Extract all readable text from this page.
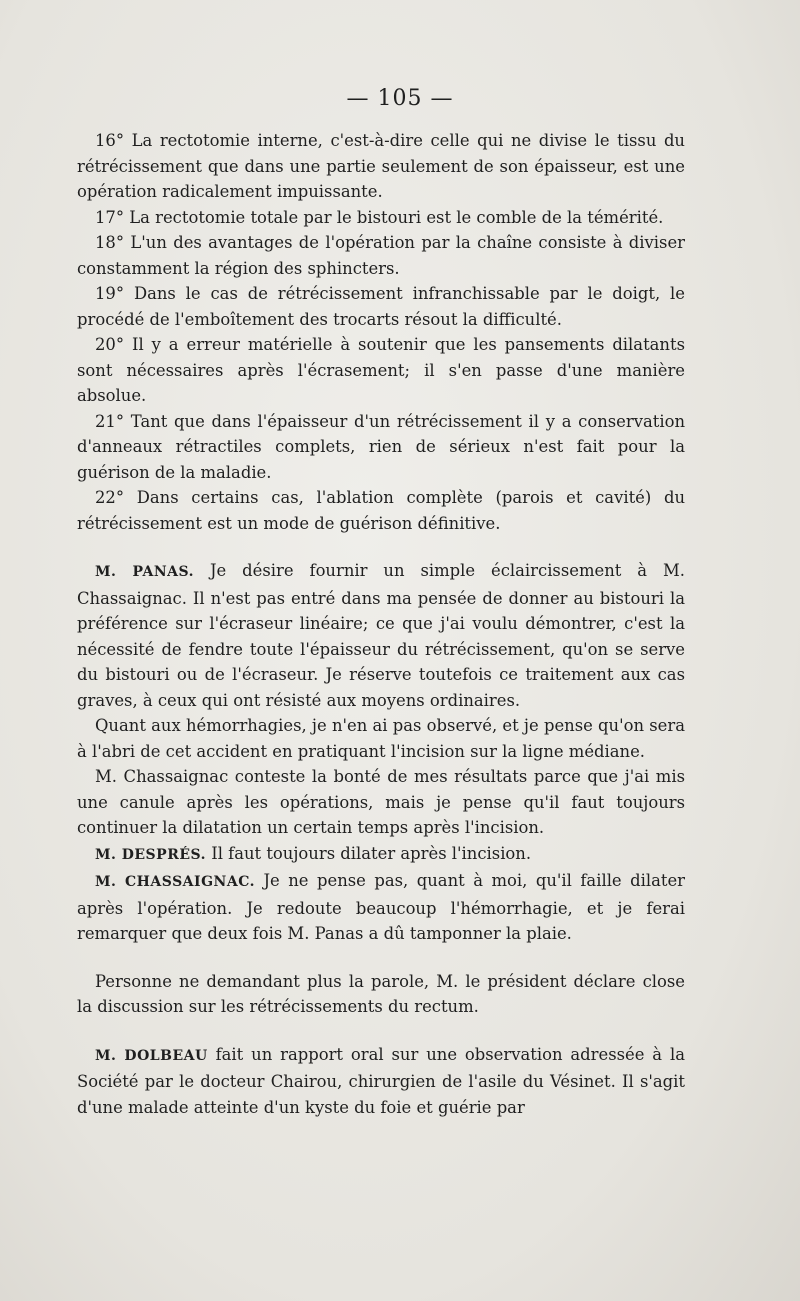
— 105 —

16° La rectotomie interne, c'est-à-dire celle qui ne divise le tissu du rétrécissement que dans une partie seulement de son épaisseur, est une opération radicalement impuissante.

17° La rectotomie totale par le bistouri est le comble de la témérité.

18° L'un des avantages de l'opération par la chaîne consiste à diviser constamment la région des sphincters.

19° Dans le cas de rétrécissement infranchissable par le doigt, le procédé de l'emboîtement des trocarts résout la difficulté.

20° Il y a erreur matérielle à soutenir que les pansements dilatants sont nécessaires après l'écrasement; il s'en passe d'une manière absolue.

21° Tant que dans l'épaisseur d'un rétrécissement il y a conservation d'anneaux rétractiles complets, rien de sérieux n'est fait pour la guérison de la maladie.

22° Dans certains cas, l'ablation complète (parois et cavité) du rétrécissement est un mode de guérison définitive.

M. PANAS. Je désire fournir un simple éclaircissement à M. Chassaignac. Il n'est pas entré dans ma pensée de donner au bistouri la préférence sur l'écraseur linéaire; ce que j'ai voulu démontrer, c'est la nécessité de fendre toute l'épaisseur du rétrécissement, qu'on se serve du bistouri ou de l'écraseur. Je réserve toutefois ce traitement aux cas graves, à ceux qui ont résisté aux moyens ordinaires.

Quant aux hémorrhagies, je n'en ai pas observé, et je pense qu'on sera à l'abri de cet accident en pratiquant l'incision sur la ligne médiane.

M. Chassaignac conteste la bonté de mes résultats parce que j'ai mis une canule après les opérations, mais je pense qu'il faut toujours continuer la dilatation un certain temps après l'incision.

M. DESPRÉS. Il faut toujours dilater après l'incision.

M. CHASSAIGNAC. Je ne pense pas, quant à moi, qu'il faille dilater après l'opération. Je redoute beaucoup l'hémorrhagie, et je ferai remarquer que deux fois M. Panas a dû tamponner la plaie.

Personne ne demandant plus la parole, M. le président déclare close la discussion sur les rétrécissements du rectum.

M. DOLBEAU fait un rapport oral sur une observation adressée à la Société par le docteur Chairou, chirurgien de l'asile du Vésinet. Il s'agit d'une malade atteinte d'un kyste du foie et guérie par
